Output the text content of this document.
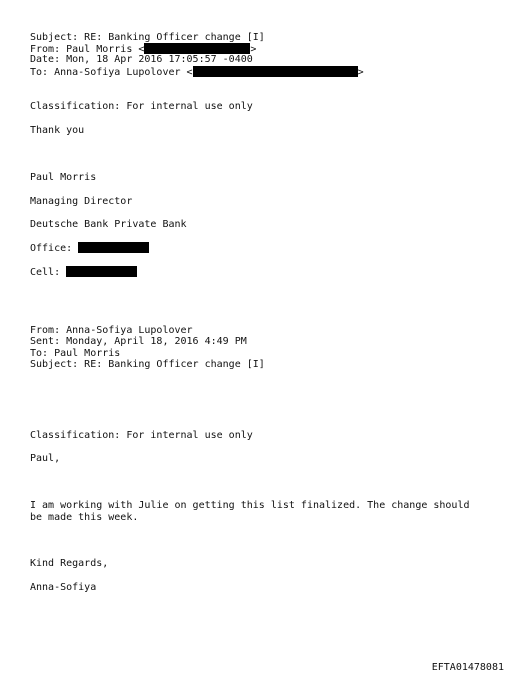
Subject: RE: Banking Officer change [I]
From: Paul Morris <	>
Date: Mon, 18 Apr 2016 17:05:57 -0400
To: Anna-Sofiya Lupolover <	>
Classification: For internal use only
Thank you
Paul Morris
Managing Director
Deutsche Bank Private Bank
Office:
Cell:
From: Anna-Sofiya Lupolover
Sent: Monday, April 18, 2016 4:49 PM
To: Paul Morris
Subject: RE: Banking Officer change [I]
Classification: For internal use only
Paul,

I am working with Julie on getting this list finalized. The change should be made this week.

Kind Regards,
Anna-Sofiya
EFTA01478081
